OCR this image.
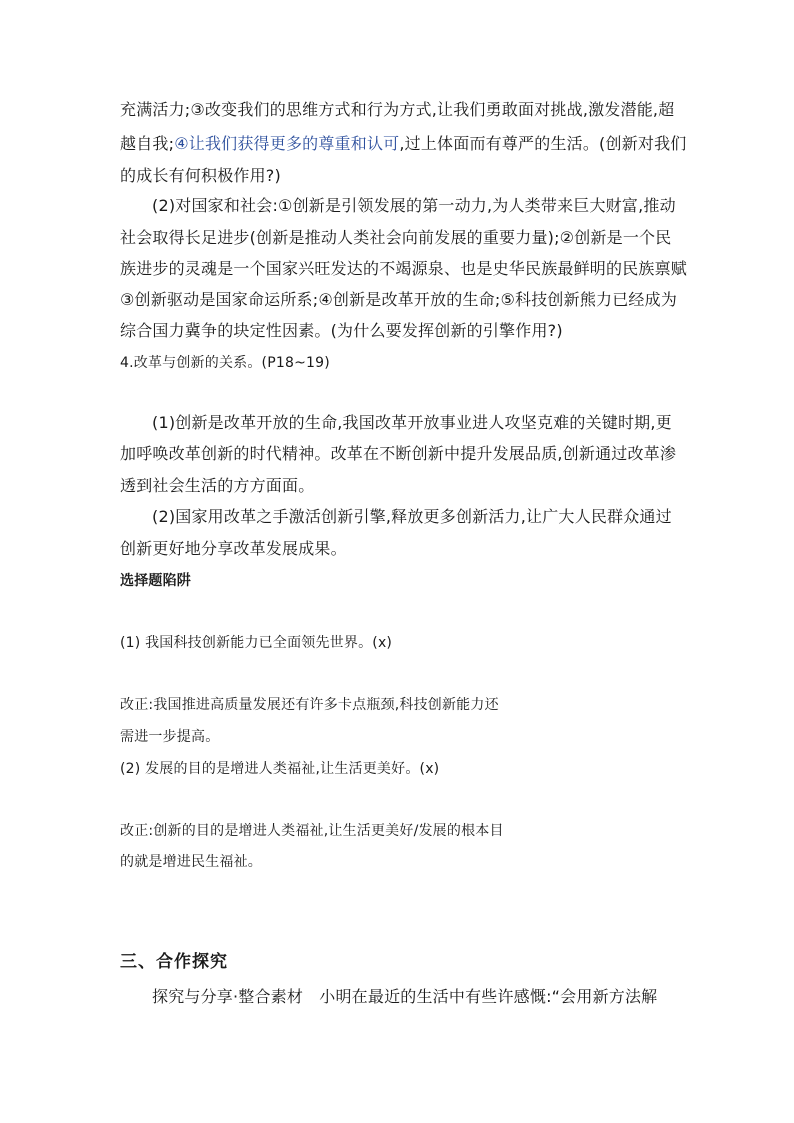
充满活力;③改变我们的思维方式和行为方式,让我们勇敢面对挑战,激发潜能,超
越自我;④让我们获得更多的尊重和认可,过上体面而有尊严的生活。(创新对我们
的成长有何积极作用?)
(2)对国家和社会:①创新是引领发展的第一动力,为人类带来巨大财富,推动
社会取得长足进步(创新是推动人类社会向前发展的重要力量);②创新是一个民
族进步的灵魂是一个国家兴旺发达的不竭源泉、也是史华民族最鲜明的民族禀赋
③创新驱动是国家命运所系;④创新是改革开放的生命;⑤科技创新熊力已经成为
综合国力冀争的块定性因素。(为什么要发挥创新的引擎作用?)
4.改革与创新的关系。(P18~19)
(1)创新是改革开放的生命,我国改革开放事业进人攻坚克难的关键时期,更
加呼唤改革创新的时代精神。改革在不断创新中提升发展品质,创新通过改革渗
透到社会生活的方方面面。
(2)国家用改革之手激活创新引擎,释放更多创新活力,让广大人民群众通过
创新更好地分享改革发展成果。
选择题陷阱
(1) 我国科技创新能力已全面领先世界。(x)
改正:我国推进高质量发展还有许多卡点瓶颈,科技创新能力还
需进一步提高。
(2) 发展的目的是增进人类福祉,让生活更美好。(x)
改正:创新的目的是增进人类福祉,让生活更美好/发展的根本目
的就是增进民生福祉。
三、合作探究
探究与分享·整合素材　小明在最近的生活中有些许感慨:“会用新方法解
